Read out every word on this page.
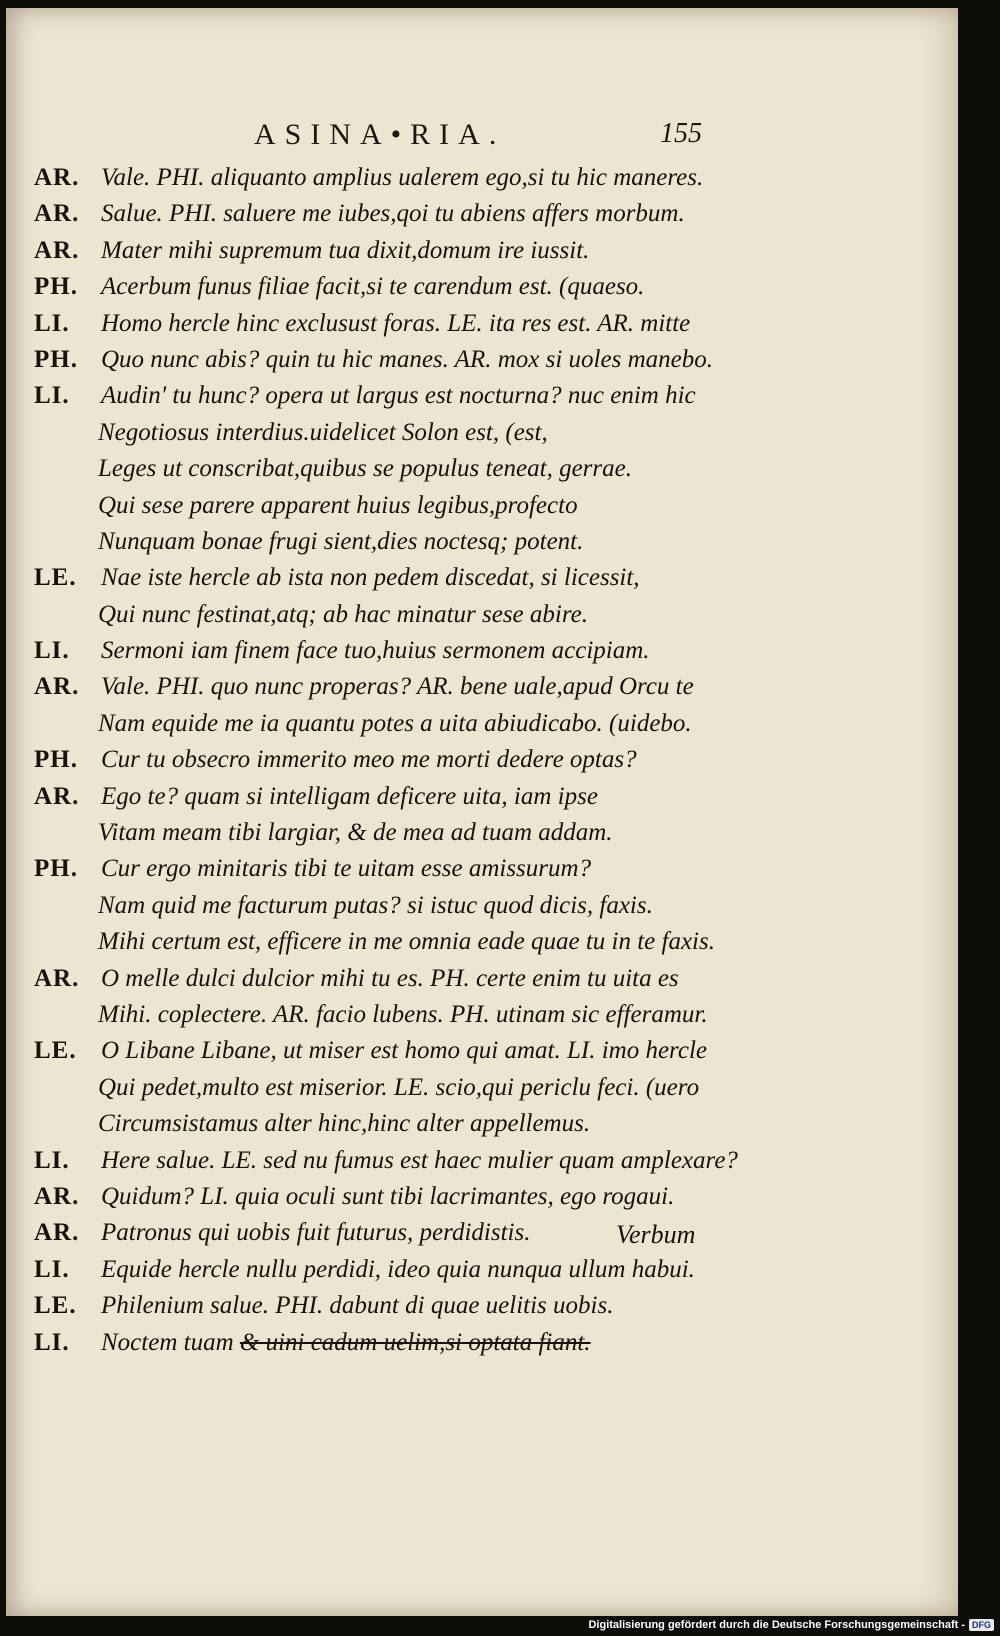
ASINA•RIA.	155
AR. Vale. PHI. aliquanto amplius ualerem ego,si tu hic maneres.
AR. Salue. PHI. saluere me iubes,qoi tu abiens affers morbum.
AR. Mater mihi supremum tua dixit,domum ire iussit.
PH. Acerbum funus filiae facit,si te carendum est. (quaeso.
LI. Homo hercle hinc exclusust foras. LE. ita res est. AR. mitte
PH. Quo nunc abis? quin tu hic manes. AR. mox si uoles manebo.
LI. Audin' tu hunc? opera ut largus est nocturna? nuc enim hic
Negotiosus interdius.uidelicet Solon est, (est,
Leges ut conscribat,quibus se populus teneat, gerrae.
Qui sese parere apparent huius legibus,profecto
Nunquam bonae frugi sient,dies noctesq; potent.
LE. Nae iste hercle ab ista non pedem discedat, si licessit,
Qui nunc festinat,atq; ab hac minatur sese abire.
LI. Sermoni iam finem face tuo,huius sermonem accipiam.
AR. Vale. PHI. quo nunc properas? AR. bene uale,apud Orcu te
Nam equide me ia quantu potes a uita abiudicabo. (uidebo.
PH. Cur tu obsecro immerito meo me morti dedere optas?
AR. Ego te? quam si intelligam deficere uita, iam ipse
Vitam meam tibi largiar, & de mea ad tuam addam.
PH. Cur ergo minitaris tibi te uitam esse amissurum?
Nam quid me facturum putas? si istuc quod dicis, faxis.
Mihi certum est, efficere in me omnia eade quae tu in te faxis.
AR. O melle dulci dulcior mihi tu es. PH. certe enim tu uita es
Mihi. coplectere. AR. facio lubens. PH. utinam sic efferamur.
LE. O Libane Libane, ut miser est homo qui amat. LI. imo hercle
Qui pedet,multo est miserior. LE. scio,qui periclu feci. (uero
Circumsistamus alter hinc,hinc alter appellemus.
LI. Here salue. LE. sed nu fumus est haec mulier quam amplexare?
AR. Quidum? LI. quia oculi sunt tibi lacrimantes, ego rogaui.
AR. Patronus qui uobis fuit futurus, perdidistis.
LI. Equide hercle nullu perdidi, ideo quia nunqua ullum habui.
LE. Philenium salue. PHI. dabunt di quae uelitis uobis.
LI. Noctem tuam & uini cadum uelim,si optata fiant.
Verbum
Digitalisierung gefördert durch die Deutsche Forschungsgemeinschaft - DFG
